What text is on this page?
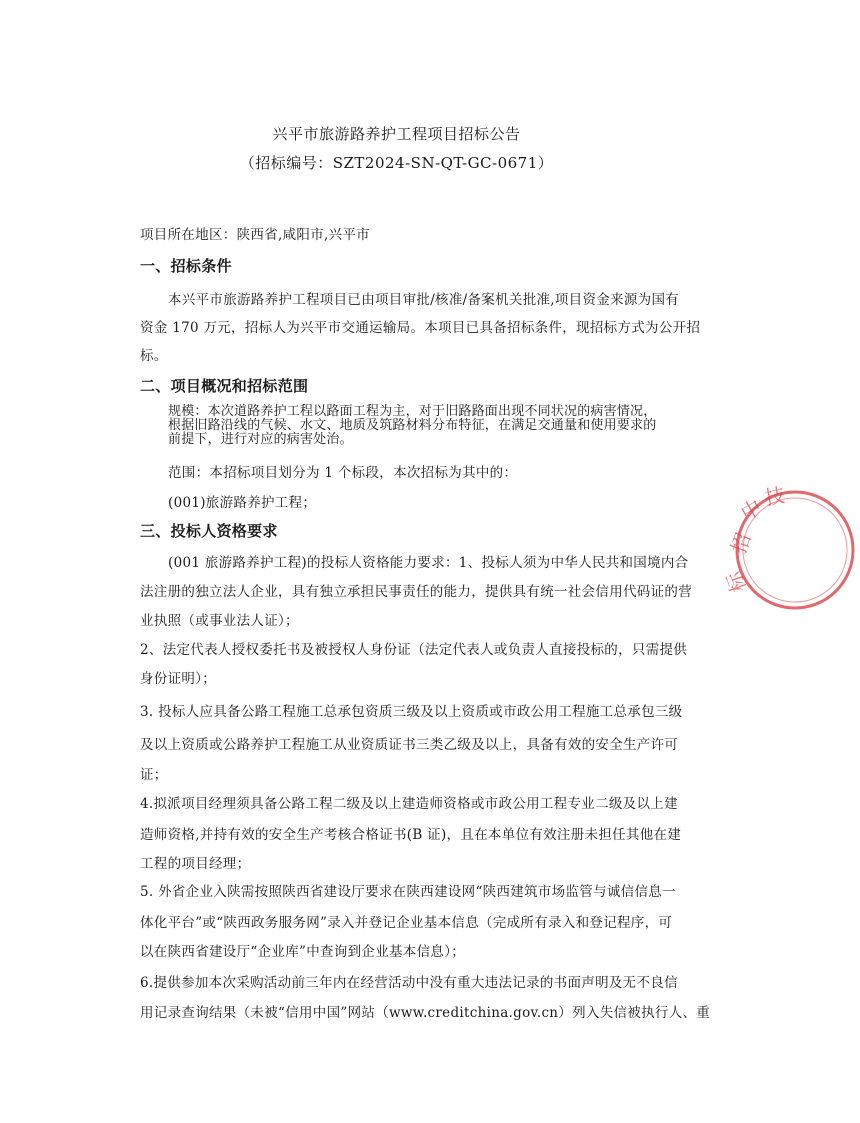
兴平市旅游路养护工程项目招标公告
（招标编号：SZT2024-SN-QT-GC-0671）
项目所在地区：陕西省,咸阳市,兴平市
一、招标条件
本兴平市旅游路养护工程项目已由项目审批/核准/备案机关批准,项目资金来源为国有
资金 170 万元，招标人为兴平市交通运输局。本项目已具备招标条件，现招标方式为公开招
标。
二、项目概况和招标范围
规模：本次道路养护工程以路面工程为主，对于旧路路面出现不同状况的病害情况，
根据旧路沿线的气候、水文、地质及筑路材料分布特征，在满足交通量和使用要求的
前提下，进行对应的病害处治。
范围：本招标项目划分为 1 个标段，本次招标为其中的：
(001)旅游路养护工程；
三、投标人资格要求
(001 旅游路养护工程)的投标人资格能力要求：1、投标人须为中华人民共和国境内合
法注册的独立法人企业，具有独立承担民事责任的能力，提供具有统一社会信用代码证的营
业执照（或事业法人证）；
2、法定代表人授权委托书及被授权人身份证（法定代表人或负责人直接投标的，只需提供
身份证明）；
3. 投标人应具备公路工程施工总承包资质三级及以上资质或市政公用工程施工总承包三级
及以上资质或公路养护工程施工从业资质证书三类乙级及以上，具备有效的安全生产许可
证；
4.拟派项目经理须具备公路工程二级及以上建造师资格或市政公用工程专业二级及以上建
造师资格,并持有效的安全生产考核合格证书(B 证)，且在本单位有效注册未担任其他在建
工程的项目经理；
5. 外省企业入陕需按照陕西省建设厅要求在陕西建设网“陕西建筑市场监管与诚信信息一
体化平台”或“陕西政务服务网”录入并登记企业基本信息（完成所有录入和登记程序，可
以在陕西省建设厅“企业库”中查询到企业基本信息）；
6.提供参加本次采购活动前三年内在经营活动中没有重大违法记录的书面声明及无不良信
用记录查询结果（未被“信用中国”网站（www.creditchina.gov.cn）列入失信被执行人、重
中
技
招
标
